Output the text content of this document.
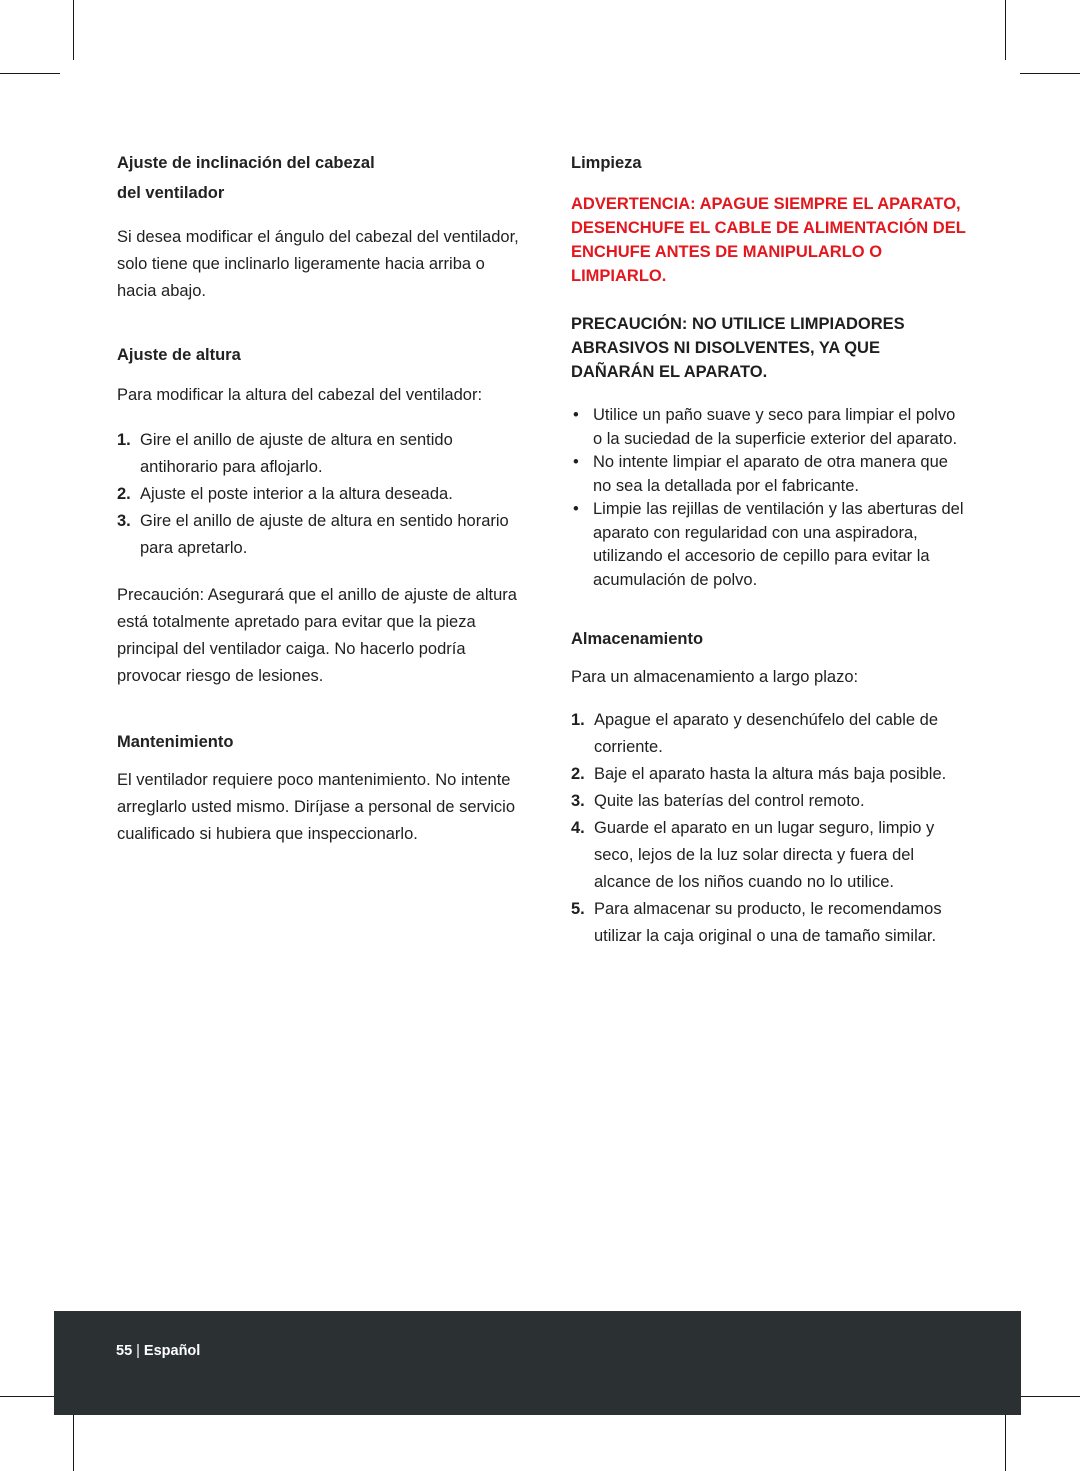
Ajuste de inclinación del cabezal
del ventilador

Si desea modificar el ángulo del cabezal del ventilador, solo tiene que inclinarlo ligeramente hacia arriba o hacia abajo.

Ajuste de altura

Para modificar la altura del cabezal del ventilador:

1. Gire el anillo de ajuste de altura en sentido antihorario para aflojarlo.
2. Ajuste el poste interior a la altura deseada.
3. Gire el anillo de ajuste de altura en sentido horario para apretarlo.

Precaución: Asegurará que el anillo de ajuste de altura está totalmente apretado para evitar que la pieza principal del ventilador caiga. No hacerlo podría provocar riesgo de lesiones.

Mantenimiento

El ventilador requiere poco mantenimiento. No intente arreglarlo usted mismo. Diríjase a personal de servicio cualificado si hubiera que inspeccionarlo.

Limpieza
ADVERTENCIA: APAGUE SIEMPRE EL APARATO, DESENCHUFE EL CABLE DE ALIMENTACIÓN DEL ENCHUFE ANTES DE MANIPULARLO O LIMPIARLO.
PRECAUCIÓN: NO UTILICE LIMPIADORES ABRASIVOS NI DISOLVENTES, YA QUE DAÑARÁN EL APARATO.
• Utilice un paño suave y seco para limpiar el polvo o la suciedad de la superficie exterior del aparato.
• No intente limpiar el aparato de otra manera que no sea la detallada por el fabricante.
• Limpie las rejillas de ventilación y las aberturas del aparato con regularidad con una aspiradora, utilizando el accesorio de cepillo para evitar la acumulación de polvo.
Almacenamiento

Para un almacenamiento a largo plazo:

1. Apague el aparato y desenchúfelo del cable de corriente.
2. Baje el aparato hasta la altura más baja posible.
3. Quite las baterías del control remoto.
4. Guarde el aparato en un lugar seguro, limpio y seco, lejos de la luz solar directa y fuera del alcance de los niños cuando no lo utilice.
5. Para almacenar su producto, le recomendamos utilizar la caja original o una de tamaño similar.
55 | Español
